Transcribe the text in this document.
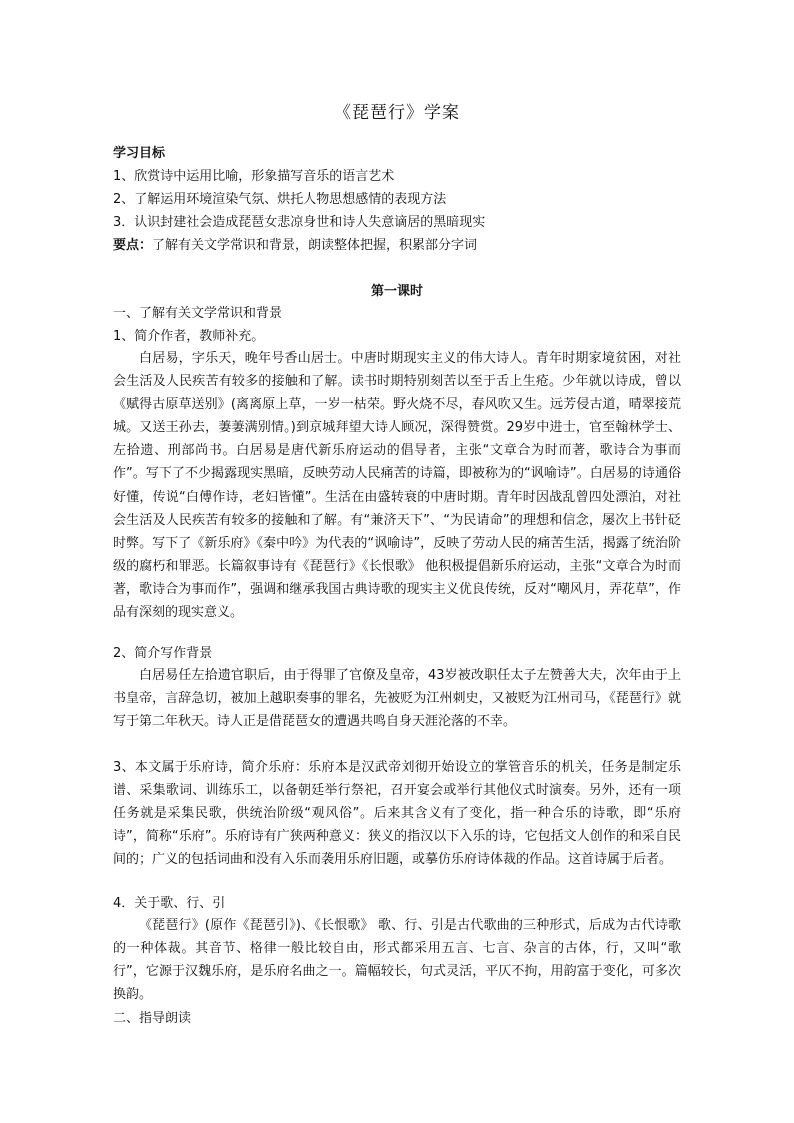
《琵琶行》学案
学习目标
1、欣赏诗中运用比喻，形象描写音乐的语言艺术
2、了解运用环境渲染气氛、烘托人物思想感情的表现方法
3．认识封建社会造成琵琶女悲凉身世和诗人失意谪居的黑暗现实
要点：了解有关文学常识和背景，朗读整体把握，积累部分字词
第一课时
一、了解有关文学常识和背景
1、简介作者，教师补充。

白居易，字乐天，晚年号香山居士。中唐时期现实主义的伟大诗人。青年时期家境贫困，对社会生活及人民疾苦有较多的接触和了解。读书时期特别刻苦以至于舌上生疮。少年就以诗成，曾以《赋得古原草送别》(离离原上草，一岁一枯荣。野火烧不尽，春风吹又生。远芳侵古道，晴翠接荒城。又送王孙去，萋萋满别情。)到京城拜望大诗人顾况，深得赞赏。29岁中进士，官至翰林学士、左拾遗、刑部尚书。白居易是唐代新乐府运动的倡导者，主张“文章合为时而著，歌诗合为事而作”。写下了不少揭露现实黑暗，反映劳动人民痛苦的诗篇，即被称为的“讽喻诗”。白居易的诗通俗好懂，传说“白傅作诗，老妇皆懂”。生活在由盛转衰的中唐时期。青年时因战乱曾四处漂泊，对社会生活及人民疾苦有较多的接触和了解。有“兼济天下”、“为民请命”的理想和信念，屡次上书针砭时弊。写下了《新乐府》《秦中吟》为代表的“讽喻诗”，反映了劳动人民的痛苦生活，揭露了统治阶级的腐朽和罪恶。长篇叙事诗有《琵琶行》《长恨歌》 他积极提倡新乐府运动，主张“文章合为时而著，歌诗合为事而作”，强调和继承我国古典诗歌的现实主义优良传统，反对“嘲风月，弄花草”，作品有深刻的现实意义。

2、简介写作背景

白居易任左拾遗官职后，由于得罪了官僚及皇帝，43岁被改职任太子左赞善大夫，次年由于上书皇帝，言辞急切，被加上越职奏事的罪名，先被贬为江州刺史，又被贬为江州司马，《琵琶行》就写于第二年秋天。诗人正是借琵琶女的遭遇共鸣自身天涯沦落的不幸。

3、本文属于乐府诗，简介乐府：乐府本是汉武帝刘彻开始设立的掌管音乐的机关，任务是制定乐谱、采集歌词、训练乐工，以备朝廷举行祭祀，召开宴会或举行其他仪式时演奏。另外，还有一项任务就是采集民歌，供统治阶级“观风俗”。后来其含义有了变化，指一种合乐的诗歌，即“乐府诗”，简称“乐府”。乐府诗有广狭两种意义：狭义的指汉以下入乐的诗，它包括文人创作的和采自民间的；广义的包括词曲和没有入乐而袭用乐府旧题，或摹仿乐府诗体裁的作品。这首诗属于后者。

4．关于歌、行、引

《琵琶行》(原作《琵琶引》)、《长恨歌》 歌、行、引是古代歌曲的三种形式，后成为古代诗歌的一种体裁。其音节、格律一般比较自由，形式都采用五言、七言、杂言的古体，行，又叫“歌行”，它源于汉魏乐府，是乐府名曲之一。篇幅较长，句式灵活，平仄不拘，用韵富于变化，可多次换韵。

二、指导朗读
